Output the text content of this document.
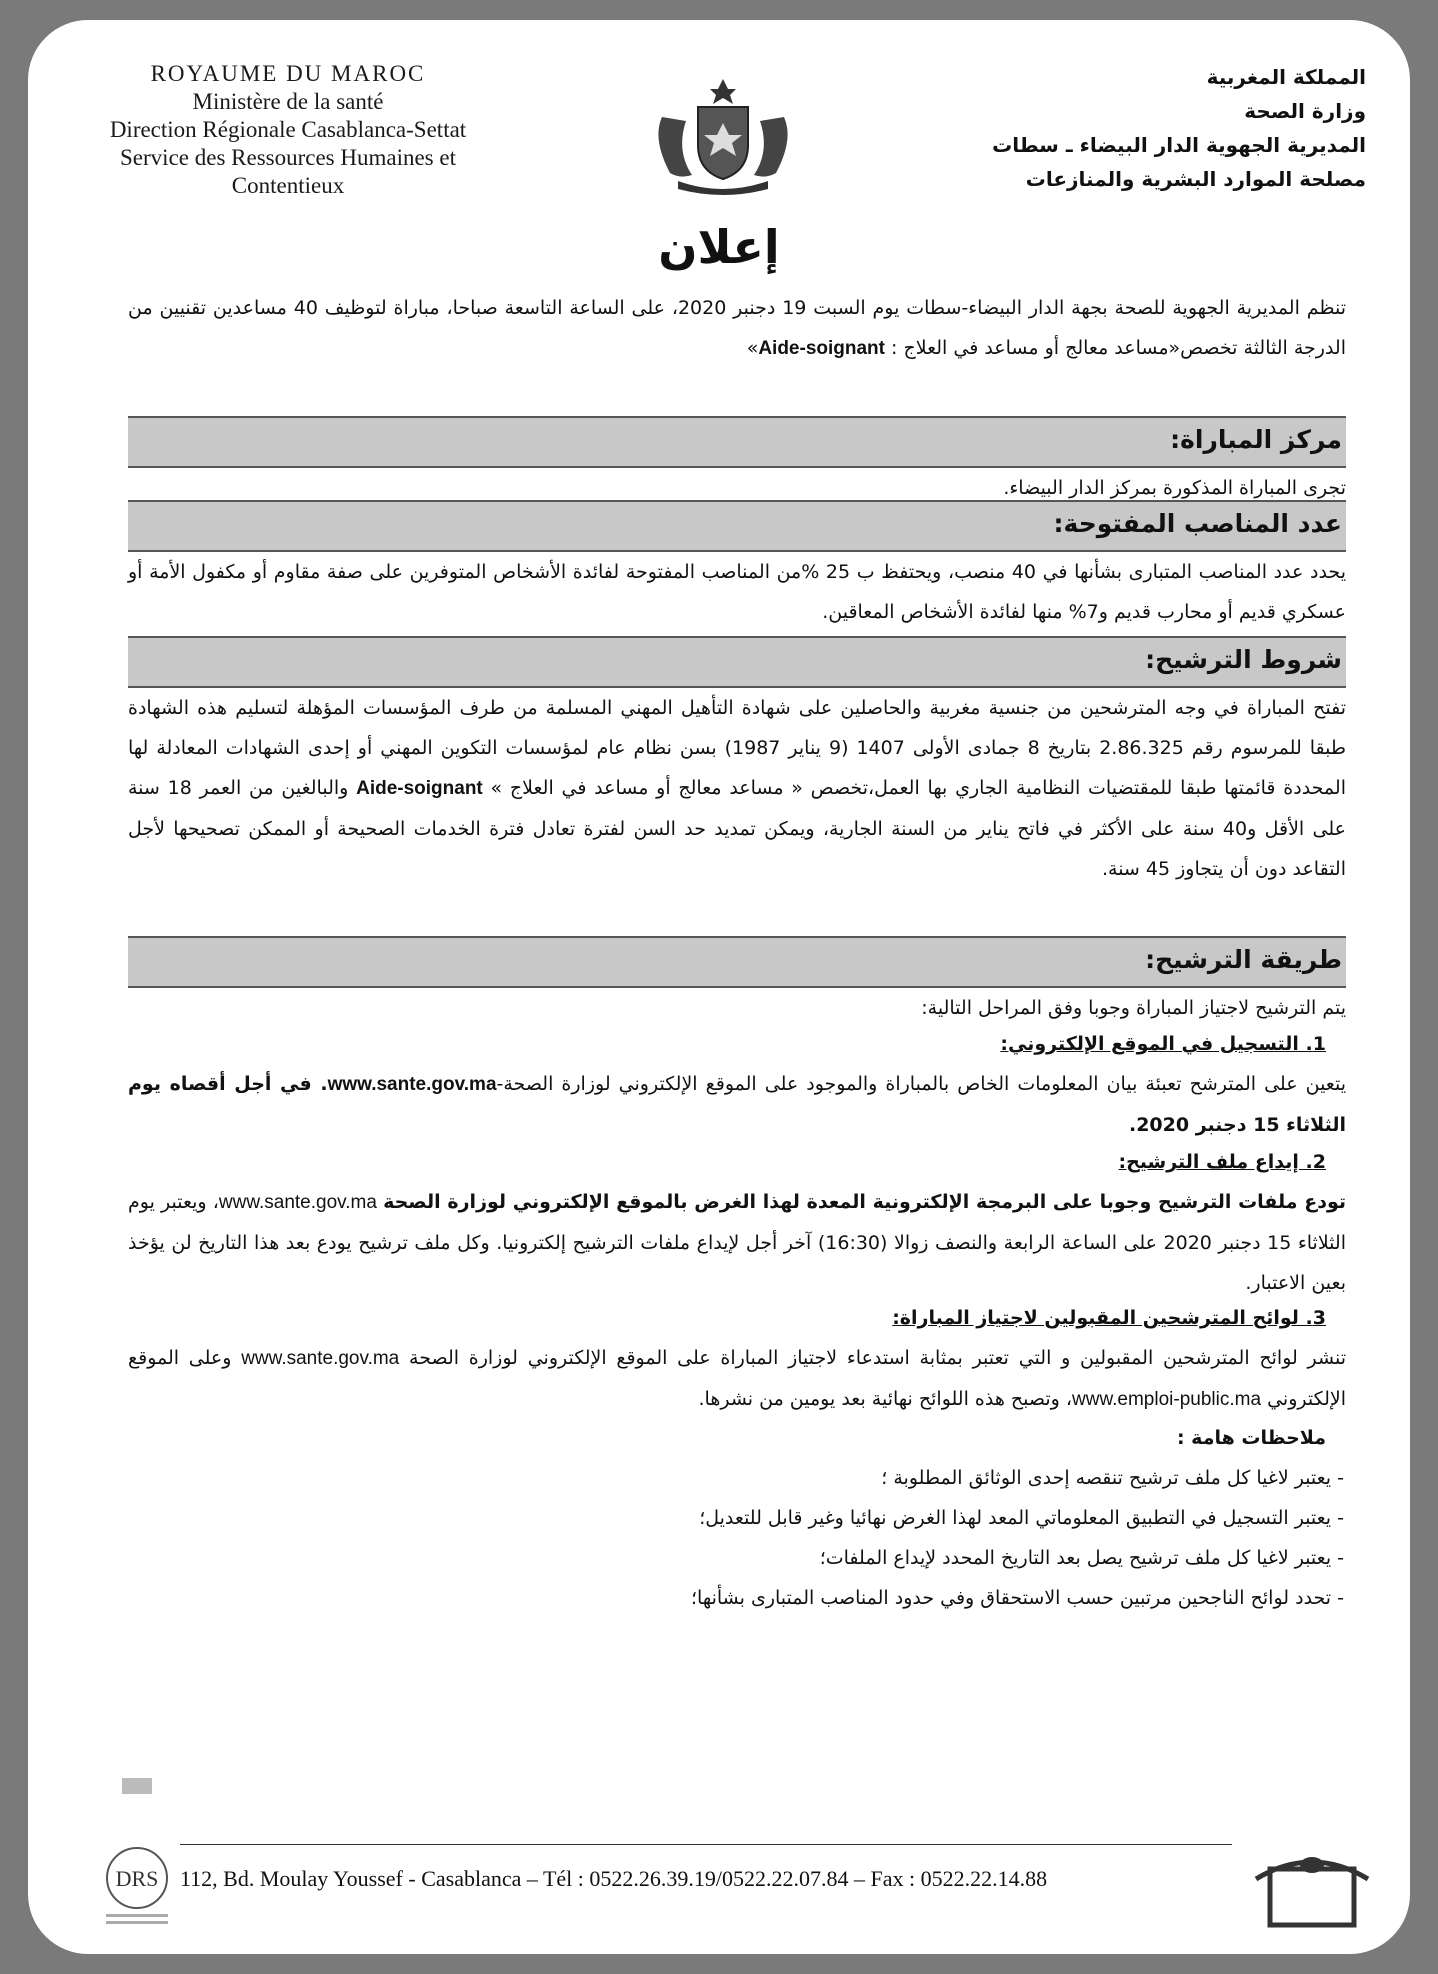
ROYAUME DU MAROC
Ministère de la santé
Direction Régionale Casablanca-Settat
Service des Ressources Humaines et
Contentieux
المملكة المغربية
وزارة الصحة
المديرية الجهوية الدار البيضاء ـ سطات
مصلحة الموارد البشرية والمنازعات
إعلان

تنظم المديرية الجهوية للصحة بجهة الدار البيضاء-سطات يوم السبت 19 دجنبر 2020، على الساعة التاسعة صباحا، مباراة لتوظيف 40 مساعدين تقنيين من الدرجة الثالثة تخصص«مساعد معالج أو مساعد في العلاج : Aide-soignant»

مركز المباراة:

تجرى المباراة المذكورة بمركز الدار البيضاء.

عدد المناصب المفتوحة:

يحدد عدد المناصب المتبارى بشأنها في 40 منصب، ويحتفظ ب 25 %من المناصب المفتوحة لفائدة الأشخاص المتوفرين على صفة مقاوم أو مكفول الأمة أو عسكري قديم أو محارب قديم و7% منها لفائدة الأشخاص المعاقين.

شروط الترشيح:

تفتح المباراة في وجه المترشحين من جنسية مغربية والحاصلين على شهادة التأهيل المهني المسلمة من طرف المؤسسات المؤهلة لتسليم هذه الشهادة طبقا للمرسوم رقم 2.86.325 بتاريخ 8 جمادى الأولى 1407 (9 يناير 1987) بسن نظام عام لمؤسسات التكوين المهني أو إحدى الشهادات المعادلة لها المحددة قائمتها طبقا للمقتضيات النظامية الجاري بها العمل،تخصص « مساعد معالج أو مساعد في العلاج » Aide-soignant والبالغين من العمر 18 سنة على الأقل و40 سنة على الأكثر في فاتح يناير من السنة الجارية، ويمكن تمديد حد السن لفترة تعادل فترة الخدمات الصحيحة أو الممكن تصحيحها لأجل التقاعد دون أن يتجاوز 45 سنة.

طريقة الترشيح:

يتم الترشيح لاجتياز المباراة وجوبا وفق المراحل التالية:

1. التسجيل في الموقع الإلكتروني:

يتعين على المترشح تعبئة بيان المعلومات الخاص بالمباراة والموجود على الموقع الإلكتروني لوزارة الصحة-www.sante.gov.ma. في أجل أقصاه يوم الثلاثاء 15 دجنبر 2020.

2. إيداع ملف الترشيح:

تودع ملفات الترشيح وجوبا على البرمجة الإلكترونية المعدة لهذا الغرض بالموقع الإلكتروني لوزارة الصحة www.sante.gov.ma، ويعتبر يوم الثلاثاء 15 دجنبر 2020 على الساعة الرابعة والنصف زوالا (16:30) آخر أجل لإيداع ملفات الترشيح إلكترونيا. وكل ملف ترشيح يودع بعد هذا التاريخ لن يؤخذ بعين الاعتبار.

3. لوائح المترشحين المقبولين لاجتياز المباراة:

تنشر لوائح المترشحين المقبولين و التي تعتبر بمثابة استدعاء لاجتياز المباراة على الموقع الإلكتروني لوزارة الصحة www.sante.gov.ma وعلى الموقع الإلكتروني www.emploi-public.ma، وتصبح هذه اللوائح نهائية بعد يومين من نشرها.

ملاحظات هامة :
- يعتبر لاغيا كل ملف ترشيح تنقصه إحدى الوثائق المطلوبة ؛
- يعتبر التسجيل في التطبيق المعلوماتي المعد لهذا الغرض نهائيا وغير قابل للتعديل؛
- يعتبر لاغيا كل ملف ترشيح يصل بعد التاريخ المحدد لإيداع الملفات؛
- تحدد لوائح الناجحين مرتبين حسب الاستحقاق وفي حدود المناصب المتبارى بشأنها؛
DRS 112, Bd. Moulay Youssef - Casablanca – Tél : 0522.26.39.19/0522.22.07.84 – Fax : 0522.22.14.88
